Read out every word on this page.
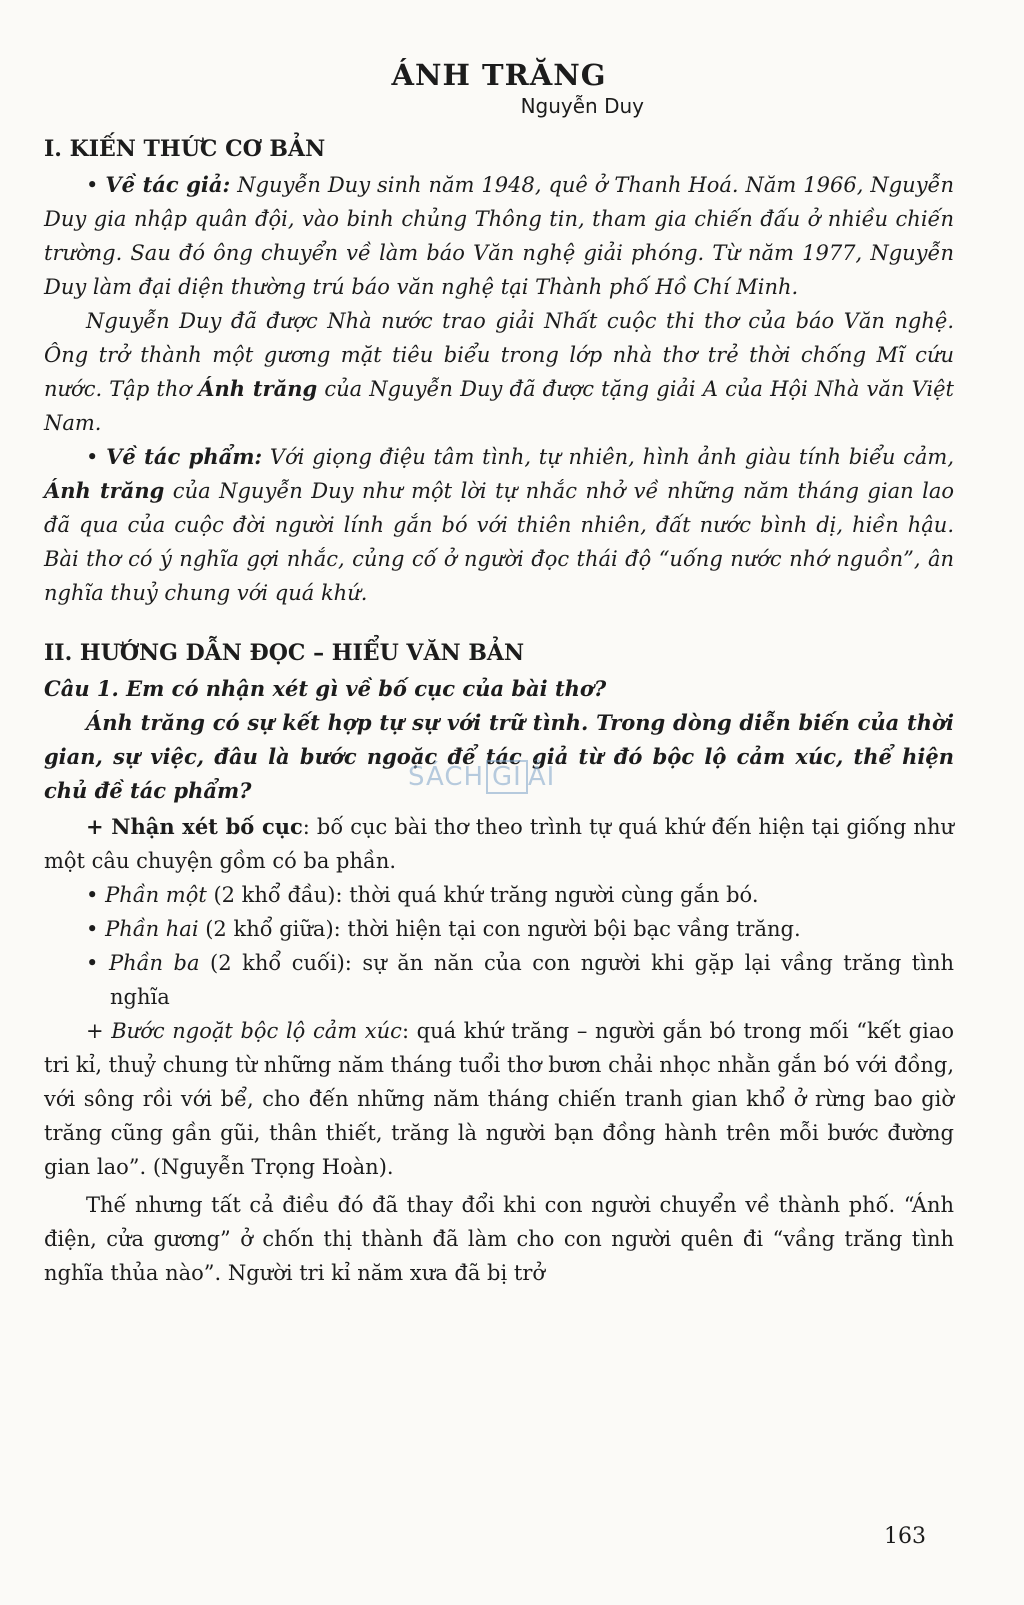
SÁCH GI ẢI
ÁNH TRĂNG
Nguyễn Duy
I. KIẾN THỨC CƠ BẢN

• Về tác giả: Nguyễn Duy sinh năm 1948, quê ở Thanh Hoá. Năm 1966, Nguyễn Duy gia nhập quân đội, vào binh chủng Thông tin, tham gia chiến đấu ở nhiều chiến trường. Sau đó ông chuyển về làm báo Văn nghệ giải phóng. Từ năm 1977, Nguyễn Duy làm đại diện thường trú báo văn nghệ tại Thành phố Hồ Chí Minh.

Nguyễn Duy đã được Nhà nước trao giải Nhất cuộc thi thơ của báo Văn nghệ. Ông trở thành một gương mặt tiêu biểu trong lớp nhà thơ trẻ thời chống Mĩ cứu nước. Tập thơ Ánh trăng của Nguyễn Duy đã được tặng giải A của Hội Nhà văn Việt Nam.

• Về tác phẩm: Với giọng điệu tâm tình, tự nhiên, hình ảnh giàu tính biểu cảm, Ánh trăng của Nguyễn Duy như một lời tự nhắc nhở về những năm tháng gian lao đã qua của cuộc đời người lính gắn bó với thiên nhiên, đất nước bình dị, hiền hậu. Bài thơ có ý nghĩa gợi nhắc, củng cố ở người đọc thái độ “uống nước nhớ nguồn”, ân nghĩa thuỷ chung với quá khứ.

II. HƯỚNG DẪN ĐỌC – HIỂU VĂN BẢN

Câu 1. Em có nhận xét gì về bố cục của bài thơ?

Ánh trăng có sự kết hợp tự sự với trữ tình. Trong dòng diễn biến của thời gian, sự việc, đâu là bước ngoặc để tác giả từ đó bộc lộ cảm xúc, thể hiện chủ đề tác phẩm?

+ Nhận xét bố cục: bố cục bài thơ theo trình tự quá khứ đến hiện tại giống như một câu chuyện gồm có ba phần.

• Phần một (2 khổ đầu): thời quá khứ trăng người cùng gắn bó.

• Phần hai (2 khổ giữa): thời hiện tại con người bội bạc vầng trăng.

• Phần ba (2 khổ cuối): sự ăn năn của con người khi gặp lại vầng trăng tình nghĩa

+ Bước ngoặt bộc lộ cảm xúc: quá khứ trăng – người gắn bó trong mối “kết giao tri kỉ, thuỷ chung từ những năm tháng tuổi thơ bươn chải nhọc nhằn gắn bó với đồng, với sông rồi với bể, cho đến những năm tháng chiến tranh gian khổ ở rừng bao giờ trăng cũng gần gũi, thân thiết, trăng là người bạn đồng hành trên mỗi bước đường gian lao”. (Nguyễn Trọng Hoàn).

Thế nhưng tất cả điều đó đã thay đổi khi con người chuyển về thành phố. “Ánh điện, cửa gương” ở chốn thị thành đã làm cho con người quên đi “vầng trăng tình nghĩa thủa nào”. Người tri kỉ năm xưa đã bị trở

163
